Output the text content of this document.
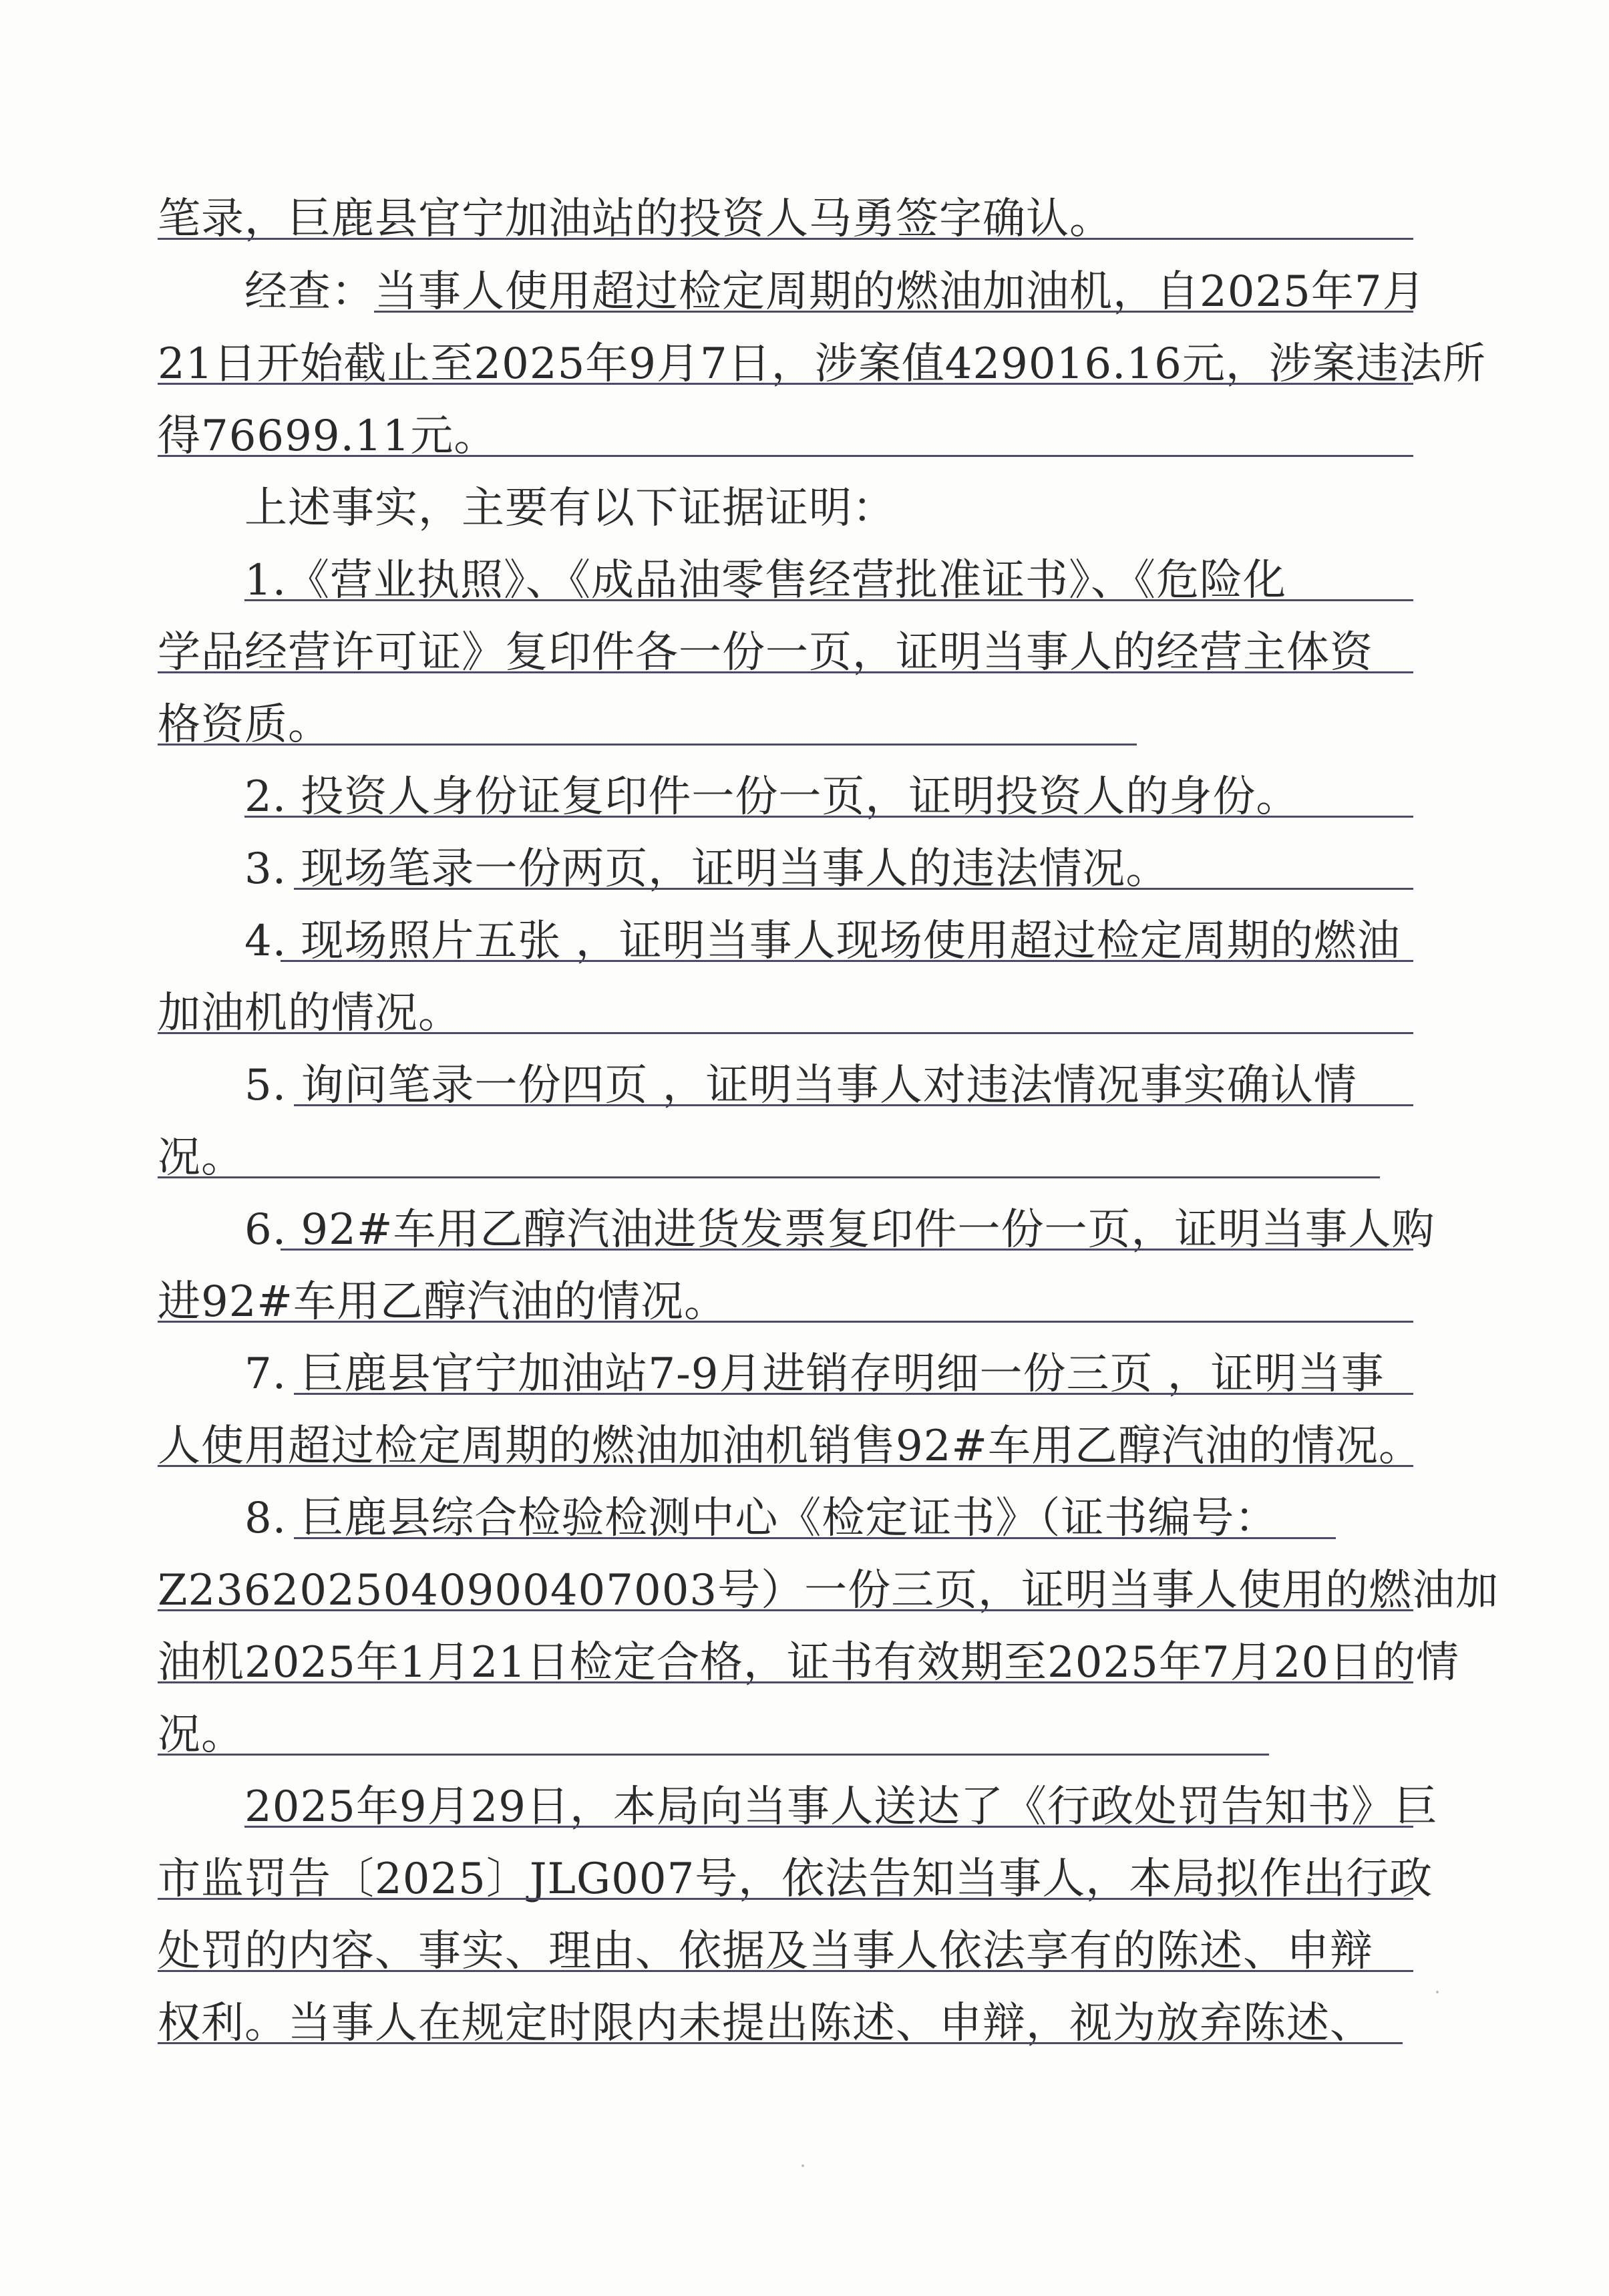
笔录，巨鹿县官宁加油站的投资人马勇签字确认。
经查：当事人使用超过检定周期的燃油加油机，自2025年7月
21日开始截止至2025年9月7日，涉案值429016.16元，涉案违法所
得76699.11元。
上述事实，主要有以下证据证明：
1.《营业执照》、《成品油零售经营批准证书》、《危险化
学品经营许可证》复印件各一份一页，证明当事人的经营主体资
格资质。
2. 投资人身份证复印件一份一页，证明投资人的身份。
3. 现场笔录一份两页，证明当事人的违法情况。
4. 现场照片五张 ，证明当事人现场使用超过检定周期的燃油
加油机的情况。
5. 询问笔录一份四页 ，证明当事人对违法情况事实确认情
况。
6. 92#车用乙醇汽油进货发票复印件一份一页，证明当事人购
进92#车用乙醇汽油的情况。
7. 巨鹿县官宁加油站7-9月进销存明细一份三页 ，证明当事
人使用超过检定周期的燃油加油机销售92#车用乙醇汽油的情况。
8. 巨鹿县综合检验检测中心《检定证书》（证书编号：
Z2362025040900407003号）一份三页，证明当事人使用的燃油加
油机2025年1月21日检定合格，证书有效期至2025年7月20日的情
况。
2025年9月29日，本局向当事人送达了《行政处罚告知书》巨
市监罚告〔2025〕JLG007号，依法告知当事人，本局拟作出行政
处罚的内容、事实、理由、依据及当事人依法享有的陈述、申辩
权利。当事人在规定时限内未提出陈述、申辩，视为放弃陈述、
